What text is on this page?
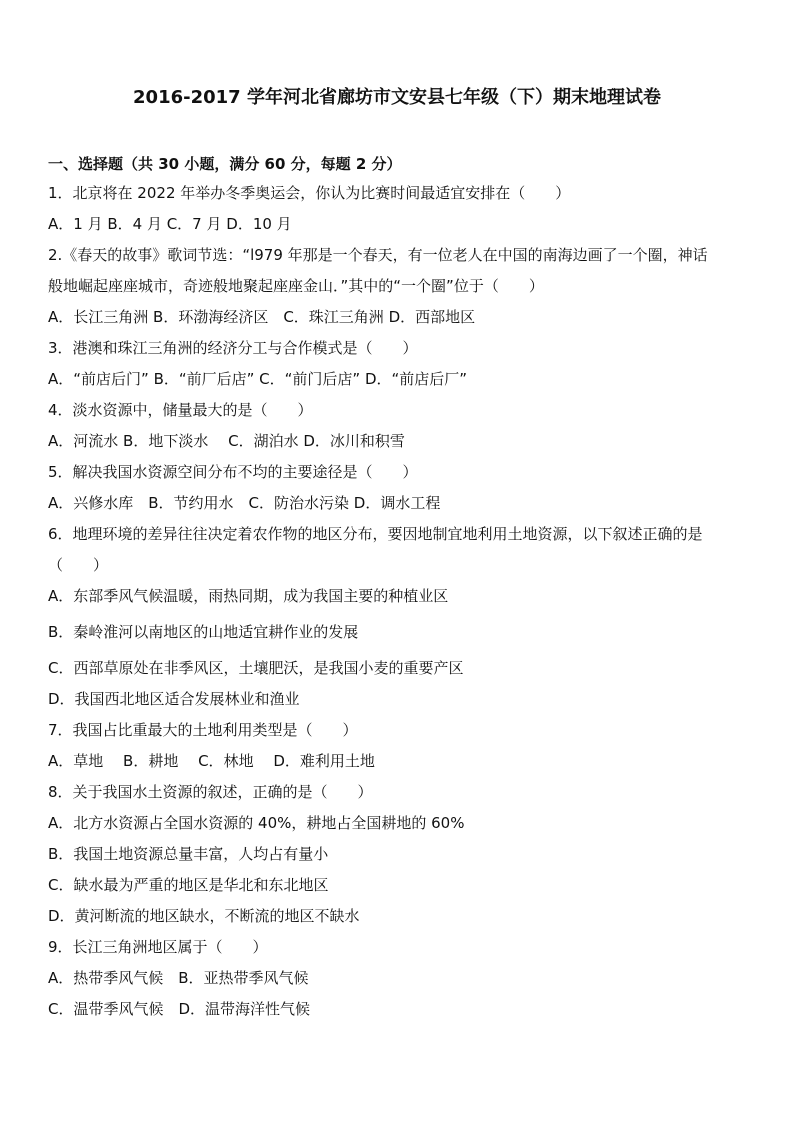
2016-2017 学年河北省廊坊市文安县七年级（下）期末地理试卷
一、选择题（共 30 小题，满分 60 分，每题 2 分）
1．北京将在 2022 年举办冬季奥运会，你认为比赛时间最适宜安排在（　　）
A．1 月 B．4 月 C．7 月 D．10 月
2.《春天的故事》歌词节选：“l979 年那是一个春天，有一位老人在中国的南海边画了一个圈，神话
般地崛起座座城市，奇迹般地聚起座座金山．”其中的“一个圈”位于（　　）
A．长江三角洲 B．环渤海经济区　C．珠江三角洲 D．西部地区
3．港澳和珠江三角洲的经济分工与合作模式是（　　）
A．“前店后门” B．“前厂后店” C．“前门后店” D．“前店后厂”
4．淡水资源中，储量最大的是（　　）
A．河流水 B．地下淡水　 C．湖泊水 D．冰川和积雪
5．解决我国水资源空间分布不均的主要途径是（　　）
A．兴修水库　B．节约用水　C．防治水污染 D．调水工程
6．地理环境的差异往往决定着农作物的地区分布，要因地制宜地利用土地资源，以下叙述正确的是
（　　）
A．东部季风气候温暖，雨热同期，成为我国主要的种植业区
B．秦岭淮河以南地区的山地适宜耕作业的发展
C．西部草原处在非季风区，土壤肥沃，是我国小麦的重要产区
D．我国西北地区适合发展林业和渔业
7．我国占比重最大的土地利用类型是（　　）
A．草地　 B．耕地　 C．林地　 D．难利用土地
8．关于我国水土资源的叙述，正确的是（　　）
A．北方水资源占全国水资源的 40%，耕地占全国耕地的 60%
B．我国土地资源总量丰富，人均占有量小
C．缺水最为严重的地区是华北和东北地区
D．黄河断流的地区缺水，不断流的地区不缺水
9．长江三角洲地区属于（　　）
A．热带季风气候　B．亚热带季风气候
C．温带季风气候　D．温带海洋性气候
